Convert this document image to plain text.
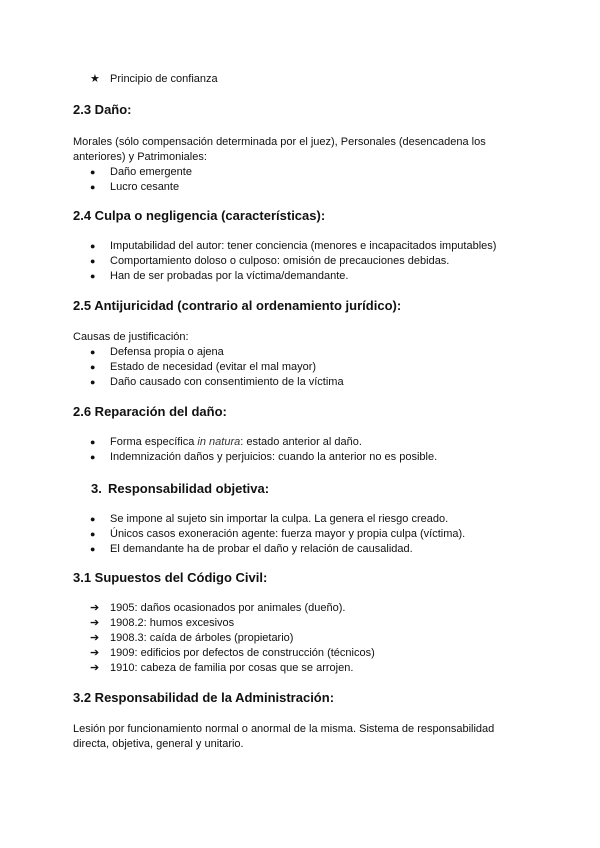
★ Principio de confianza
2.3 Daño:

Morales (sólo compensación determinada por el juez), Personales (desencadena los

anteriores) y Patrimoniales:

●	Daño emergente
●	Lucro cesante
2.4 Culpa o negligencia (características):
●	Imputabilidad del autor: tener conciencia (menores e incapacitados imputables)
●	Comportamiento doloso o culposo: omisión de precauciones debidas.
●	Han de ser probadas por la víctima/demandante.
2.5 Antijuricidad (contrario al ordenamiento jurídico):

Causas de justificación:

●	Defensa propia o ajena
●	Estado de necesidad (evitar el mal mayor)
●	Daño causado con consentimiento de la víctima
2.6 Reparación del daño:
●	Forma específica in natura: estado anterior al daño.
●	Indemnización daños y perjuicios: cuando la anterior no es posible.
3. Responsabilidad objetiva:
●	Se impone al sujeto sin importar la culpa. La genera el riesgo creado.
●	Únicos casos exoneración agente: fuerza mayor y propia culpa (víctima).
●	El demandante ha de probar el daño y relación de causalidad.
3.1 Supuestos del Código Civil:
➔ 1905: daños ocasionados por animales (dueño).
➔ 1908.2: humos excesivos
➔ 1908.3: caída de árboles (propietario)
➔ 1909: edificios por defectos de construcción (técnicos)
➔ 1910: cabeza de familia por cosas que se arrojen.
3.2 Responsabilidad de la Administración:

Lesión por funcionamiento normal o anormal de la misma. Sistema de responsabilidad

directa, objetiva, general y unitario.
